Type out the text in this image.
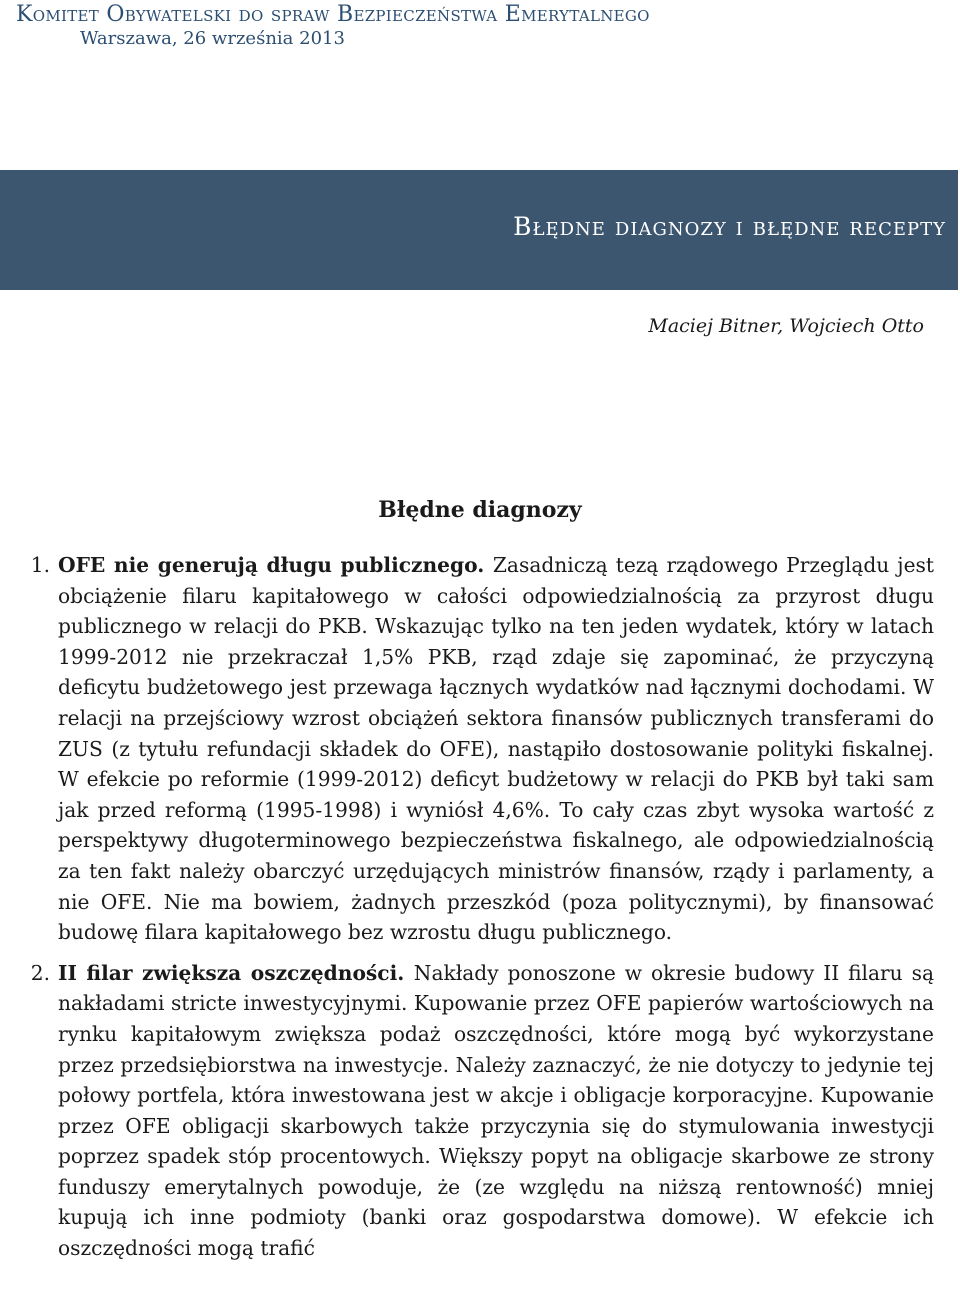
Komitet Obywatelski do spraw Bezpieczeństwa Emerytalnego
Warszawa, 26 września 2013
Błędne diagnozy i błędne recepty
Maciej Bitner, Wojciech Otto
Błędne diagnozy
1. OFE nie generują długu publicznego. Zasadniczą tezą rządowego Przeglądu jest obciążenie filaru kapitałowego w całości odpowiedzialnością za przyrost długu publicznego w relacji do PKB. Wskazując tylko na ten jeden wydatek, który w latach 1999-2012 nie przekraczał 1,5% PKB, rząd zdaje się zapominać, że przyczyną deficytu budżetowego jest przewaga łącznych wydatków nad łącznymi dochodami. W relacji na przejściowy wzrost obciążeń sektora finansów publicznych transferami do ZUS (z tytułu refundacji składek do OFE), nastąpiło dostosowanie polityki fiskalnej. W efekcie po reformie (1999-2012) deficyt budżetowy w relacji do PKB był taki sam jak przed reformą (1995-1998) i wyniósł 4,6%. To cały czas zbyt wysoka wartość z perspektywy długoterminowego bezpieczeństwa fiskalnego, ale odpowiedzialnością za ten fakt należy obarczyć urzędujących ministrów finansów, rządy i parlamenty, a nie OFE. Nie ma bowiem, żadnych przeszkód (poza politycznymi), by finansować budowę filara kapitałowego bez wzrostu długu publicznego.
2. II filar zwiększa oszczędności. Nakłady ponoszone w okresie budowy II filaru są nakładami stricte inwestycyjnymi. Kupowanie przez OFE papierów wartościowych na rynku kapitałowym zwiększa podaż oszczędności, które mogą być wykorzystane przez przedsiębiorstwa na inwestycje. Należy zaznaczyć, że nie dotyczy to jedynie tej połowy portfela, która inwestowana jest w akcje i obligacje korporacyjne. Kupowanie przez OFE obligacji skarbowych także przyczynia się do stymulowania inwestycji poprzez spadek stóp procentowych. Większy popyt na obligacje skarbowe ze strony funduszy emerytalnych powoduje, że (ze względu na niższą rentowność) mniej kupują ich inne podmioty (banki oraz gospodarstwa domowe). W efekcie ich oszczędności mogą trafić
